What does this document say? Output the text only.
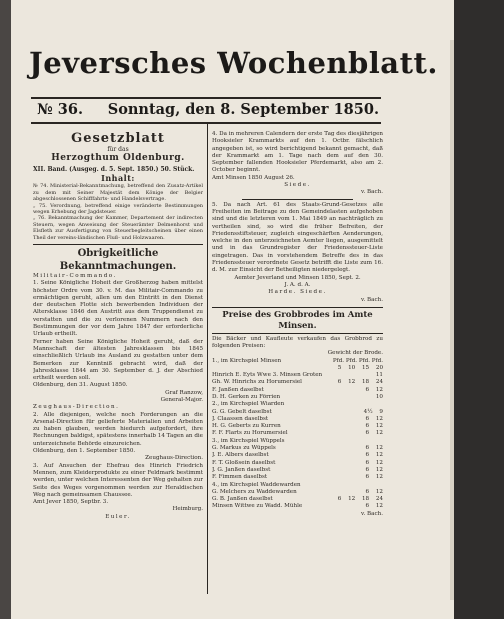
Jeversches Wochenblatt.
№ 36. Sonntag, den 8. September 1850.
Gesetzblatt
für das
Herzogthum Oldenburg.

XII. Band. (Ausgeg. d. 5. Sept. 1850.) 50. Stück.

Inhalt:

№ 74. Ministerial-Bekanntmachung, betreffend den Zusatz-Artikel zu dem mit Seiner Majestät dem Könige der Belgier abgeschlossenen Schifffahrts- und Handelsvertrage.

„ 75. Verordnung, betreffend einige veränderte Bestimmungen wegen Erhebung der Jagdsteuer.

„ 76. Bekanntmachung der Kammer, Departement der indirecten Steuern, wegen Anweisung der Steuerämter Delmenhorst und Elsfleth zur Ausfertigung von Steuerbegleitscheinen über einen Theil der vereins-ländischen Fluß- und Holzwaaren.

Obrigkeitliche Bekanntmachungen.

Militair-Commando.

1. Seine Königliche Hoheit der Großherzog haben mittelst höchster Ordre vom 30. v. M. das Militair-Commando zu ermächtigen geruht, allen um den Eintritt in den Dienst der deutschen Flotte sich bewerbenden Individuen der Altersklasse 1846 den Austritt aus dem Truppendienst zu verstatten und die zu verlorenen Nummern nach den Bestimmungen der vor dem Jahre 1847 der erforderliche Urlaub ertheilt.

Ferner haben Seine Königliche Hoheit geruht, daß der Mannschaft der ältesten Jahresklassen bis 1845 einschließlich Urlaub ins Ausland zu gestatten unter dem Bemerken zur Kenntniß gebracht wird, daß der Jahresklasse 1844 am 30. September d. J. der Abschied ertheilt werden soll.

Oldenburg, den 31. August 1850.

Graf Ranzow,

General-Major.

Zeughaus-Direction.

2. Alle diejenigen, welche noch Forderungen an die Arsenal-Direction für gelieferte Materialien und Arbeiten zu haben glauben, werden hiedurch aufgefordert, ihre Rechnungen baldigst, spätestens innerhalb 14 Tagen an die unterzeichnete Behörde einzureichen.

Oldenburg, den 1. September 1850.

Zeughaus-Direction.

3. Auf Ansuchen der Ehefrau des Hinrich Friedrich Mennen, zum Kleiderprodukte zu einer Feldmark bestimmt werden, unter welchen Interessenten der Weg gehalten zur Seite des Weges vorgenommen werden zur Heraldischen Weg nach gemeinsamen Chaussee.

Amt Jever 1850, Septbr. 3.

Heimburg.

Euler.

4. Da in mehreren Calendern der erste Tag des diesjährigen Hooksieler Krammarkts auf den 1. Octbr. fälschlich angegeben ist, so wird berichtigend bekannt gemacht, daß der Krammarkt am 1. Tage nach dem auf den 30. September fallenden Hooksieler Pferdemarkt, also am 2. October beginnt.

Amt Minsen 1850 August 26.

Siede.

v. Bach.

5. Da nach Art. 61 des Staats-Grund-Gesetzes alle Freiheiten im Beitrage zu den Gemeindelasten aufgehoben sind und die letzteren vom 1. Mai 1849 an nachträglich zu vertheilen sind, so wird die früher Befreiten, der Friedensstiftsteuer, zugleich eingeschärften Aenderungen, welche in den unterzeichneten Aemter liegen, ausgemittelt und in das Grundregister der Friedenssteuer-Liste eingetragen. Das in vorstehendem Betreffe des in das Friedenssteuer verordnete Gesetz betrifft die Liste zum 16. d. M. zur Einsicht der Betheiligten niedergelegt.

Aemter Jeverland und Minsen 1850, Sept. 2.

J. A. d. A.

Harde. Siede.

v. Bach.

Preise des Grobbrodes im Amte Minsen.

Die Bäcker und Kaufleute verkaufen das Grobbrod zu folgenden Preisen:

Gewicht der Brode.
1., im Kirchspiel Minsen	Pfd. Pfd. Pfd. Pfd.
5 10 15 20
Hinrich E. Eyts Wwe 3. Minsen Groten	11
Gh. W. Hinrichs zu Horumersiel	6 12 18 24
F. Janßen daselbst	6 12
D. H. Gerken zu Förrien	10
2., im Kirchspiel Wiarden
G. G. Gebelt daselbst	4½ 9
J. Claassen daselbst	6 12
H. G. Geberts zu Kurren	6 12
F. F. Flarts zu Horumersiel	6 12
3., im Kirchspiel Wüppels
G. Markus zu Wüppels	6 12
J. E. Albers daselbst	6 12
F. T. Gloßsein daselbst	6 12
J. G. Janßen daselbst	6 12
F. Fimmen daselbst	6 12
4., im Kirchspiel Waddewarden
G. Melchers zu Waddewarden	6 12
G. B. Janßen daselbst	6 12 18 24
Minsen Wittwe zu Wadd. Mühle	6 12

v. Bach.
